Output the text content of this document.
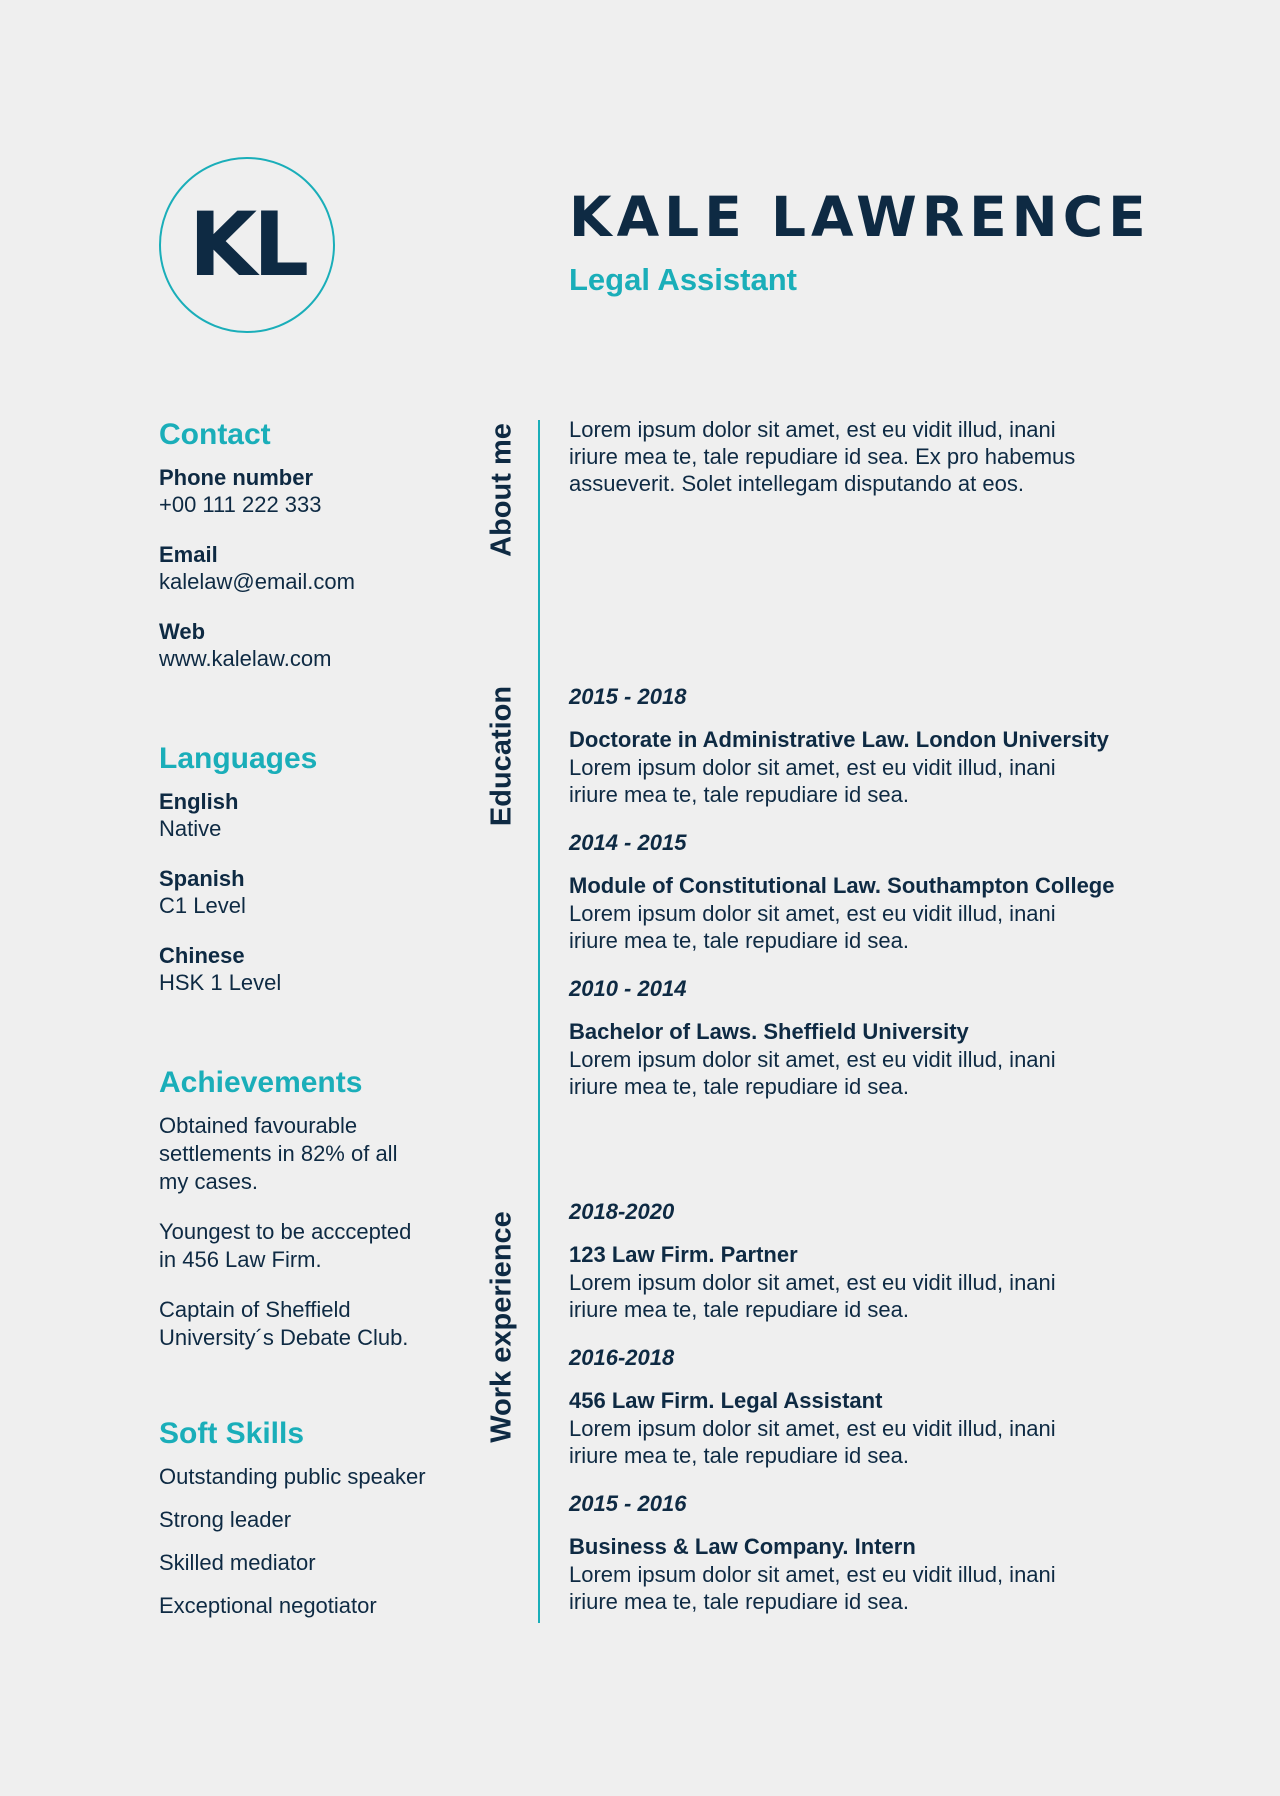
KL	KALE LAWRENCE
Legal Assistant
Contact
Phone number
+00 111 222 333
Email
kalelaw@email.com
Web
www.kalelaw.com
Languages
English
Native
Spanish
C1 Level
Chinese
HSK 1 Level
Achievements
Obtained favourable settlements in 82% of all my cases.
Youngest to be acccepted in 456 Law Firm.
Captain of Sheffield University´s Debate Club.
Soft Skills
Outstanding public speaker
Strong leader
Skilled mediator
Exceptional negotiator
About me
Education
Work experience
Lorem ipsum dolor sit amet, est eu vidit illud, inani iriure mea te, tale repudiare id sea. Ex pro habemus assueverit. Solet intellegam disputando at eos.
2015 - 2018
Doctorate in Administrative Law. London University
Lorem ipsum dolor sit amet, est eu vidit illud, inani iriure mea te, tale repudiare id sea.
2014 - 2015
Module of Constitutional Law. Southampton College
Lorem ipsum dolor sit amet, est eu vidit illud, inani iriure mea te, tale repudiare id sea.
2010 - 2014
Bachelor of Laws. Sheffield University
Lorem ipsum dolor sit amet, est eu vidit illud, inani iriure mea te, tale repudiare id sea.
2018-2020
123 Law Firm. Partner
Lorem ipsum dolor sit amet, est eu vidit illud, inani iriure mea te, tale repudiare id sea.
2016-2018
456 Law Firm. Legal Assistant
Lorem ipsum dolor sit amet, est eu vidit illud, inani iriure mea te, tale repudiare id sea.
2015 - 2016
Business & Law Company. Intern
Lorem ipsum dolor sit amet, est eu vidit illud, inani iriure mea te, tale repudiare id sea.
